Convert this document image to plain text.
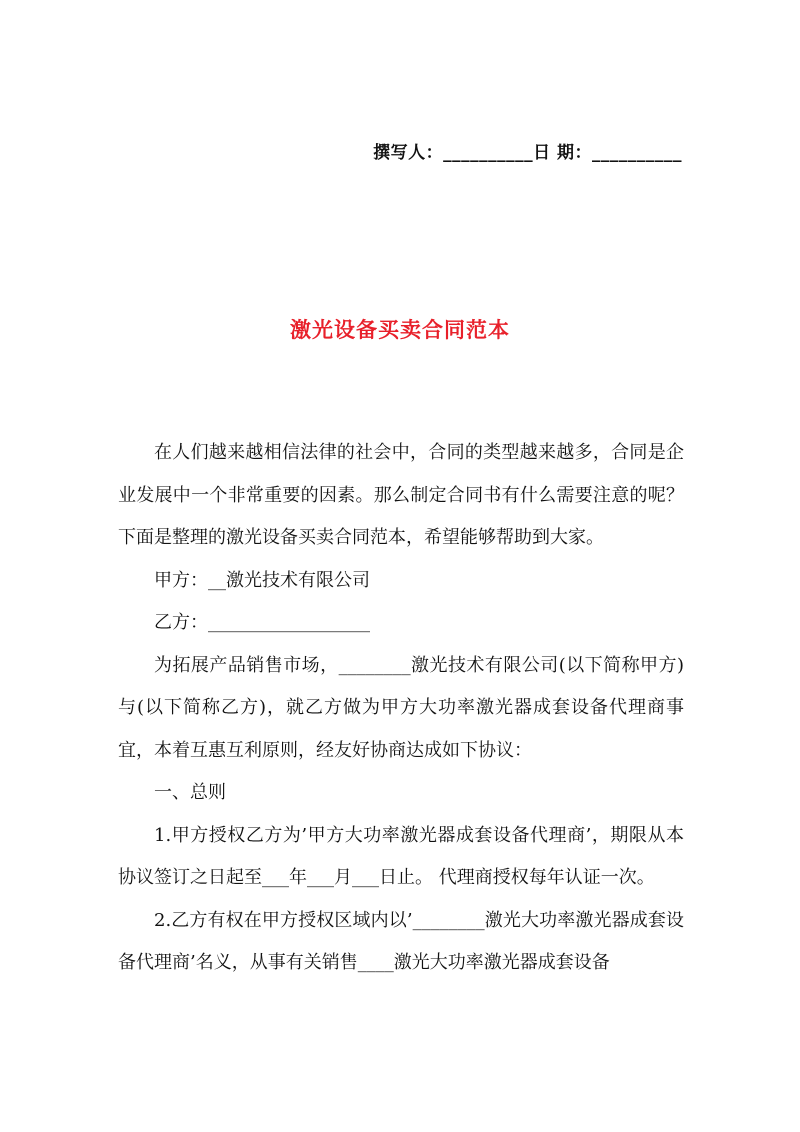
撰写人：__________日 期：__________
激光设备买卖合同范本

在人们越来越相信法律的社会中，合同的类型越来越多，合同是企业发展中一个非常重要的因素。那么制定合同书有什么需要注意的呢？下面是整理的激光设备买卖合同范本，希望能够帮助到大家。

甲方：__激光技术有限公司

乙方：__________________

为拓展产品销售市场，________激光技术有限公司(以下简称甲方)与(以下简称乙方)，就乙方做为甲方大功率激光器成套设备代理商事宜，本着互惠互利原则，经友好协商达成如下协议：

一、总则

1.甲方授权乙方为’甲方大功率激光器成套设备代理商’，期限从本协议签订之日起至___年___月___日止。 代理商授权每年认证一次。

2.乙方有权在甲方授权区域内以’________激光大功率激光器成套设备代理商’名义，从事有关销售____激光大功率激光器成套设备
